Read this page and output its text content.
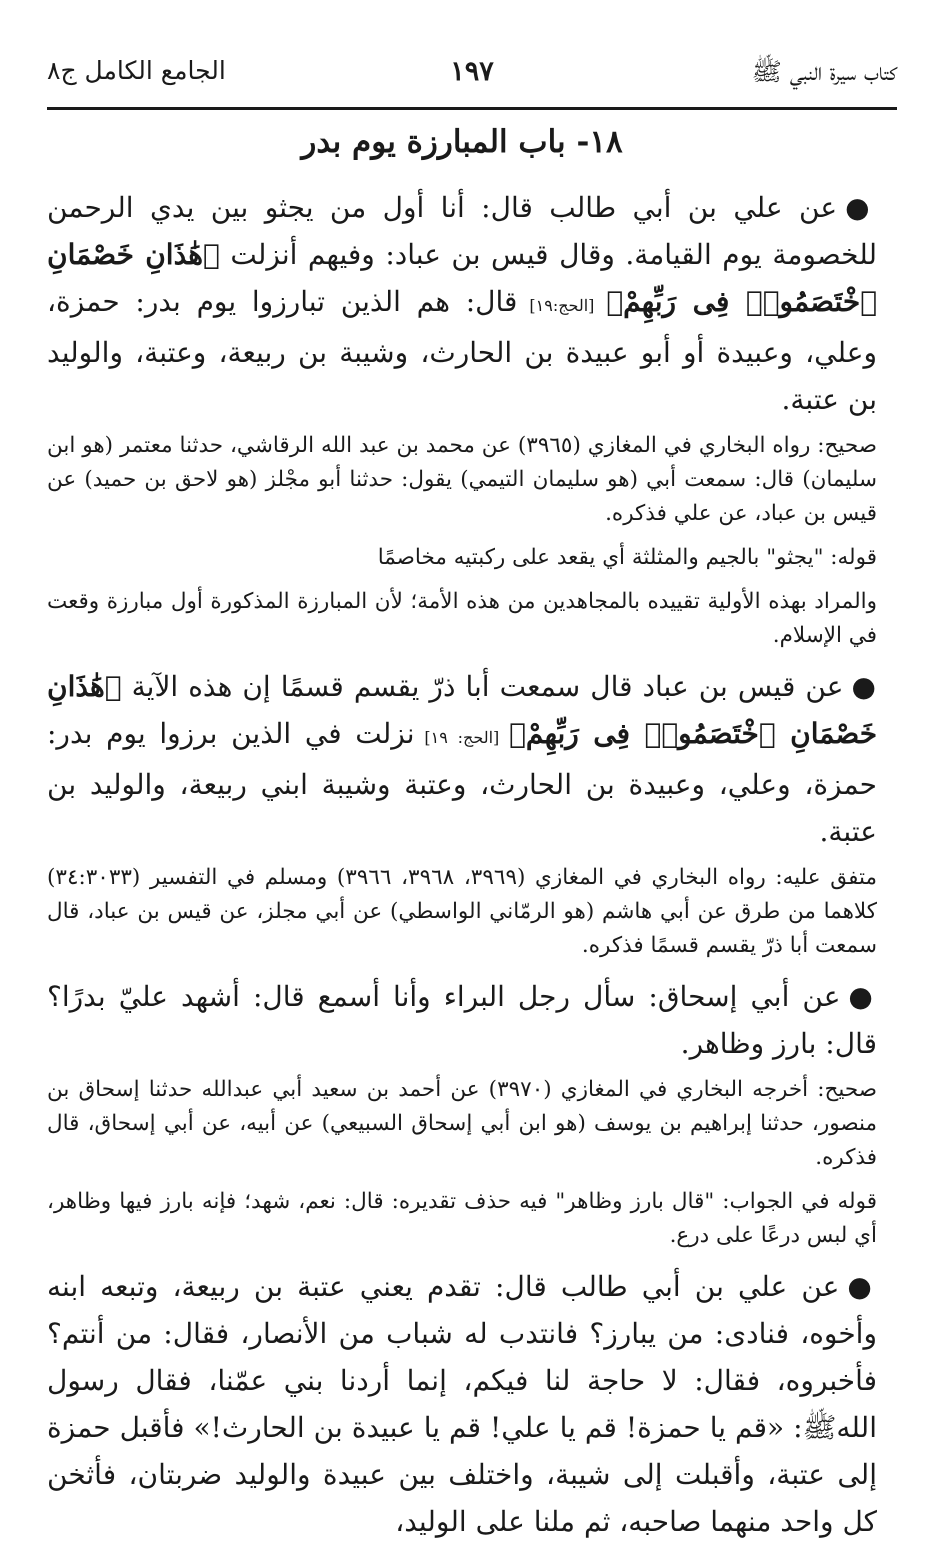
كتاب سيرة النبي ﷺ
١٩٧
الجامع الكامل ج٨
١٨- باب المبارزة يوم بدر

●عن علي بن أبي طالب قال: أنا أول من يجثو بين يدي الرحمن للخصومة يوم القيامة. وقال قيس بن عباد: وفيهم أنزلت ﴿هَٰذَانِ خَصْمَانِ ٱخْتَصَمُوا۟ فِى رَبِّهِمْ﴾ [الحج:١٩] قال: هم الذين تبارزوا يوم بدر: حمزة، وعلي، وعبيدة أو أبو عبيدة بن الحارث، وشيبة بن ربيعة، وعتبة، والوليد بن عتبة.

صحيح: رواه البخاري في المغازي (٣٩٦٥) عن محمد بن عبد الله الرقاشي، حدثنا معتمر (هو ابن سليمان) قال: سمعت أبي (هو سليمان التيمي) يقول: حدثنا أبو مجْلز (هو لاحق بن حميد) عن قيس بن عباد، عن علي فذكره.

قوله: "يجثو" بالجيم والمثلثة أي يقعد على ركبتيه مخاصمًا

والمراد بهذه الأولية تقييده بالمجاهدين من هذه الأمة؛ لأن المبارزة المذكورة أول مبارزة وقعت في الإسلام.

●عن قيس بن عباد قال سمعت أبا ذرّ يقسم قسمًا إن هذه الآية ﴿هَٰذَانِ خَصْمَانِ ٱخْتَصَمُوا۟ فِى رَبِّهِمْ﴾ [الحج: ١٩] نزلت في الذين برزوا يوم بدر: حمزة، وعلي، وعبيدة بن الحارث، وعتبة وشيبة ابني ربيعة، والوليد بن عتبة.

متفق عليه: رواه البخاري في المغازي (٣٩٦٩، ٣٩٦٨، ٣٩٦٦) ومسلم في التفسير (٣٤:٣٠٣٣) كلاهما من طرق عن أبي هاشم (هو الرمّاني الواسطي) عن أبي مجلز، عن قيس بن عباد، قال سمعت أبا ذرّ يقسم قسمًا فذكره.

●عن أبي إسحاق: سأل رجل البراء وأنا أسمع قال: أشهد عليّ بدرًا؟ قال: بارز وظاهر.

صحيح: أخرجه البخاري في المغازي (٣٩٧٠) عن أحمد بن سعيد أبي عبدالله حدثنا إسحاق بن منصور، حدثنا إبراهيم بن يوسف (هو ابن أبي إسحاق السبيعي) عن أبيه، عن أبي إسحاق، قال فذكره.

قوله في الجواب: "قال بارز وظاهر" فيه حذف تقديره: قال: نعم، شهد؛ فإنه بارز فيها وظاهر، أي لبس درعًا على درع.

●عن علي بن أبي طالب قال: تقدم يعني عتبة بن ربيعة، وتبعه ابنه وأخوه، فنادى: من يبارز؟ فانتدب له شباب من الأنصار، فقال: من أنتم؟ فأخبروه، فقال: لا حاجة لنا فيكم، إنما أردنا بني عمّنا، فقال رسول اللهﷺ: «قم يا حمزة! قم يا علي! قم يا عبيدة بن الحارث!» فأقبل حمزة إلى عتبة، وأقبلت إلى شيبة، واختلف بين عبيدة والوليد ضربتان، فأثخن كل واحد منهما صاحبه، ثم ملنا على الوليد،
